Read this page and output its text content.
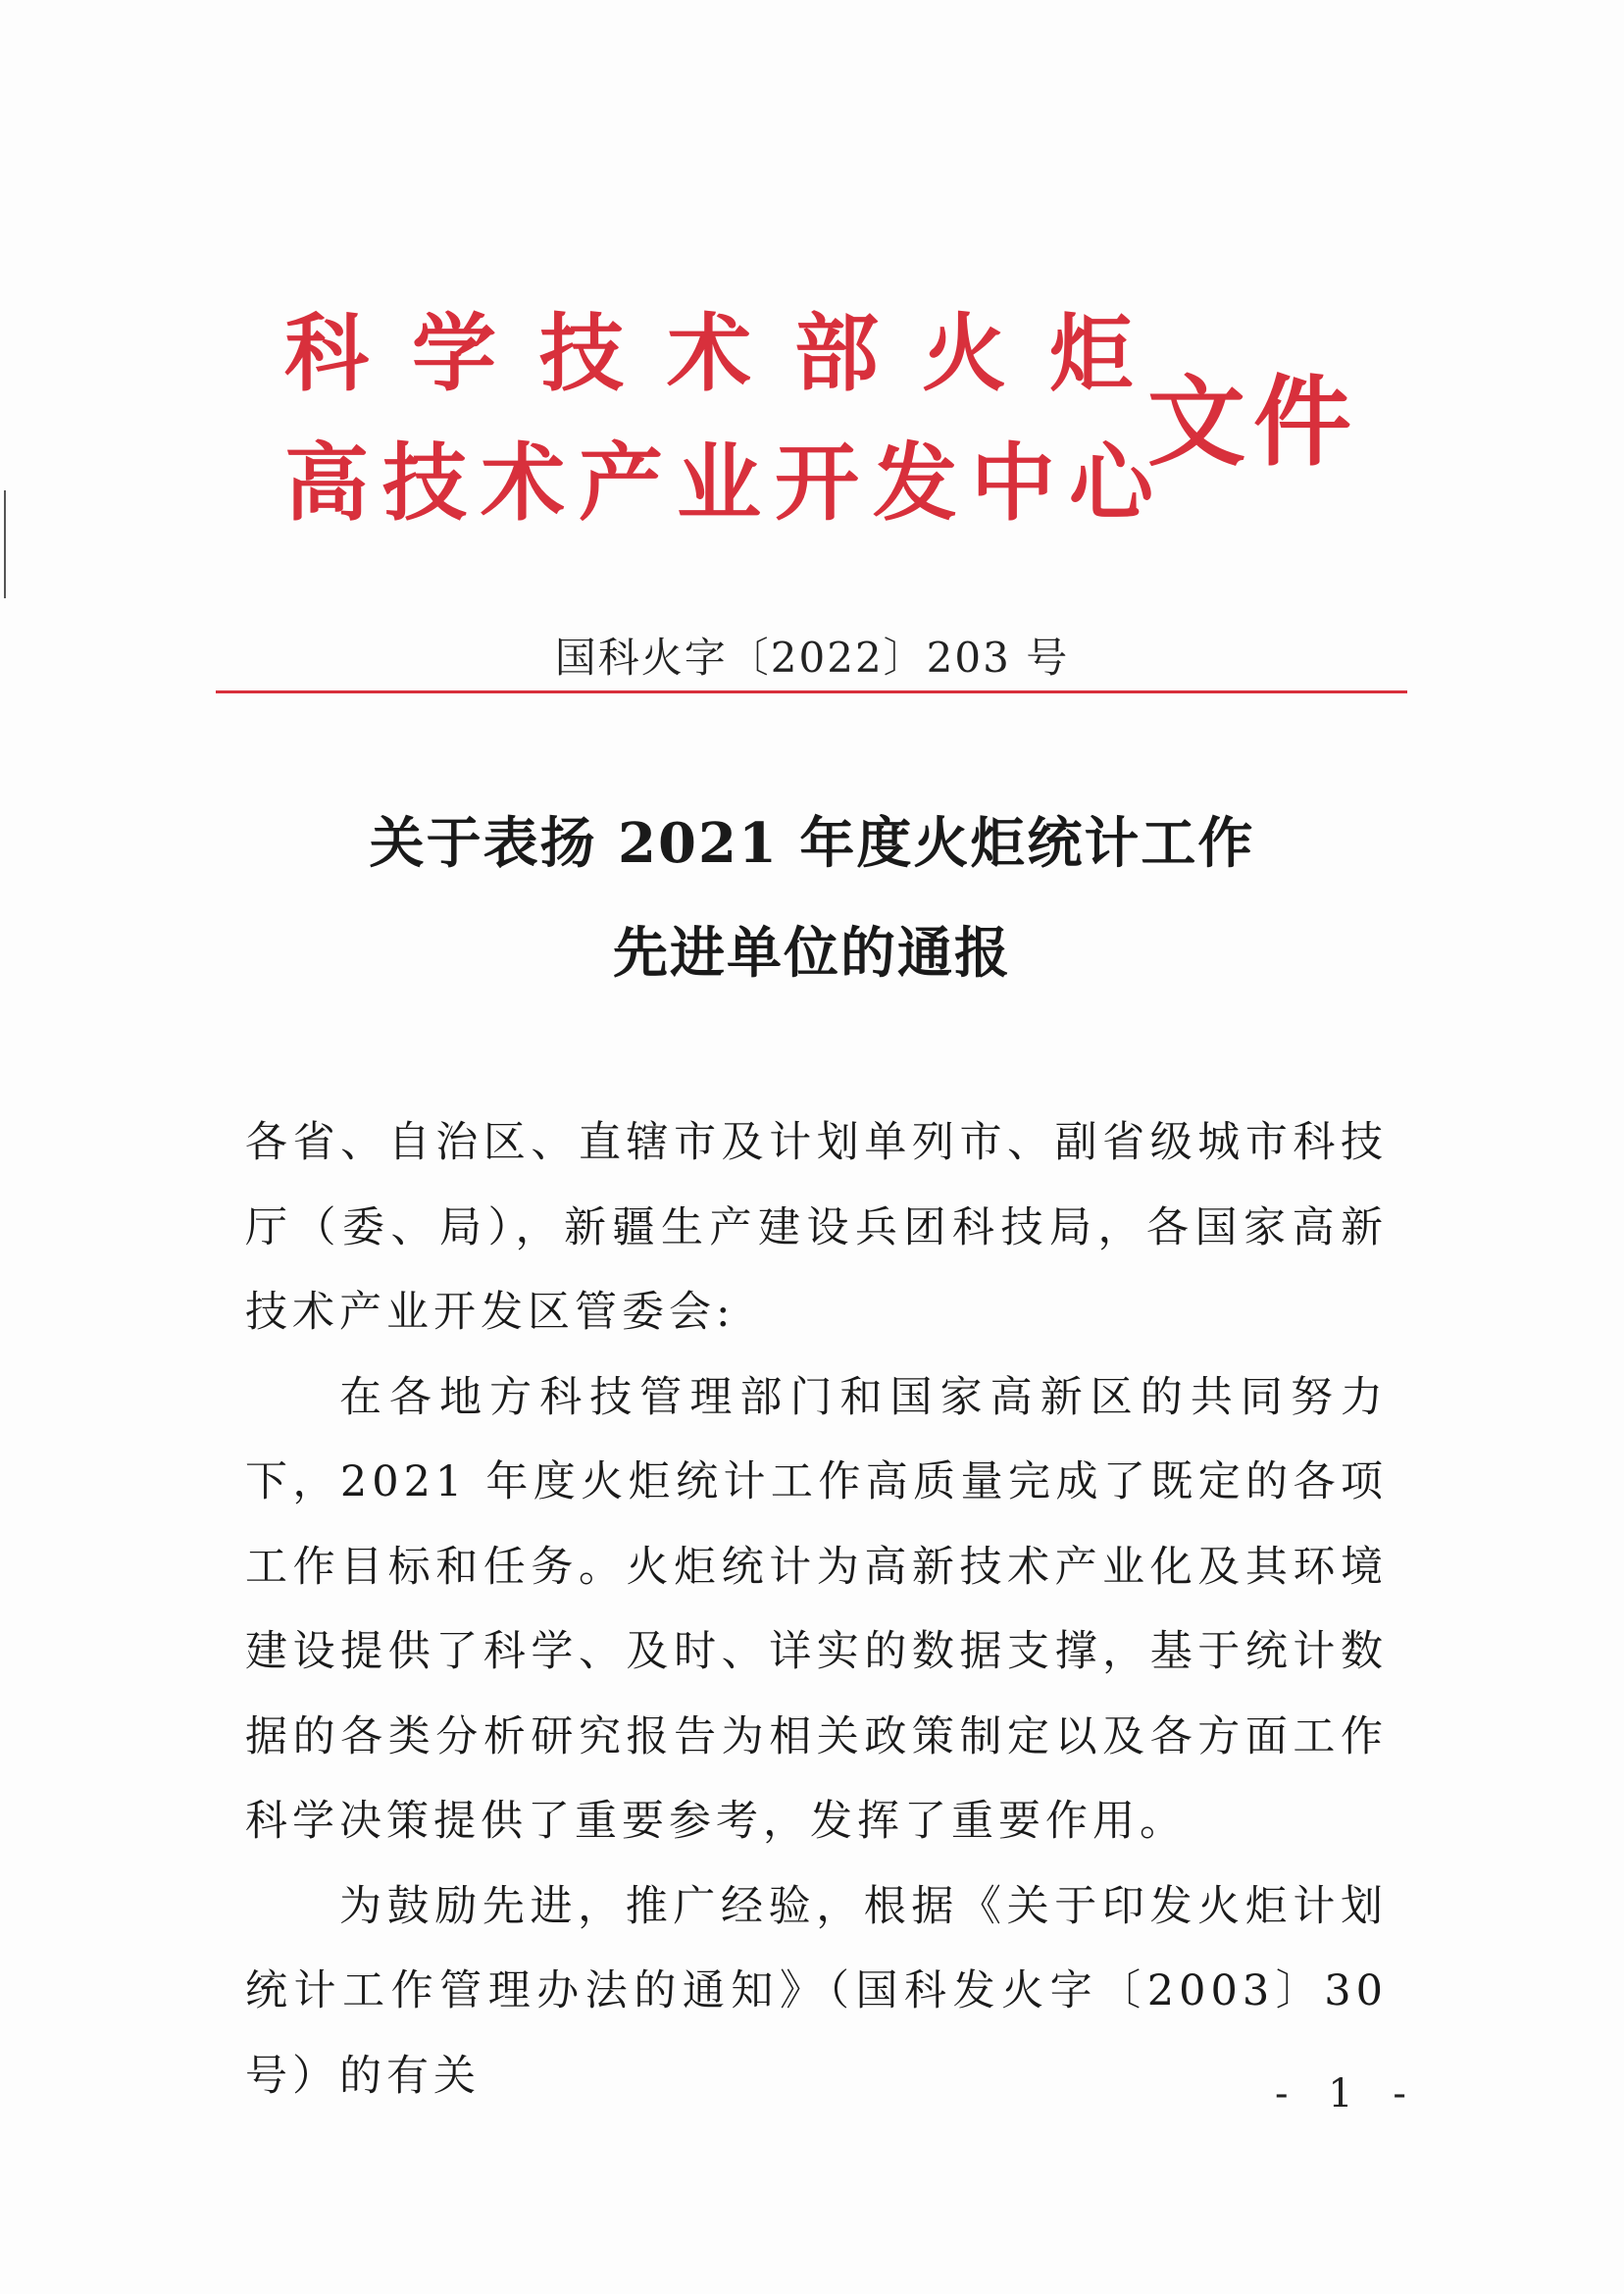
科学技术部火炬
高技术产业开发中心
文件
国科火字〔2022〕203 号
关于表扬 2021 年度火炬统计工作
先进单位的通报

各省、自治区、直辖市及计划单列市、副省级城市科技厅（委、局），新疆生产建设兵团科技局，各国家高新技术产业开发区管委会:

在各地方科技管理部门和国家高新区的共同努力下，2021 年度火炬统计工作高质量完成了既定的各项工作目标和任务。火炬统计为高新技术产业化及其环境建设提供了科学、及时、详实的数据支撑，基于统计数据的各类分析研究报告为相关政策制定以及各方面工作科学决策提供了重要参考，发挥了重要作用。

为鼓励先进，推广经验，根据《关于印发火炬计划统计工作管理办法的通知》（国科发火字〔2003〕30 号）的有关	- 1 -
